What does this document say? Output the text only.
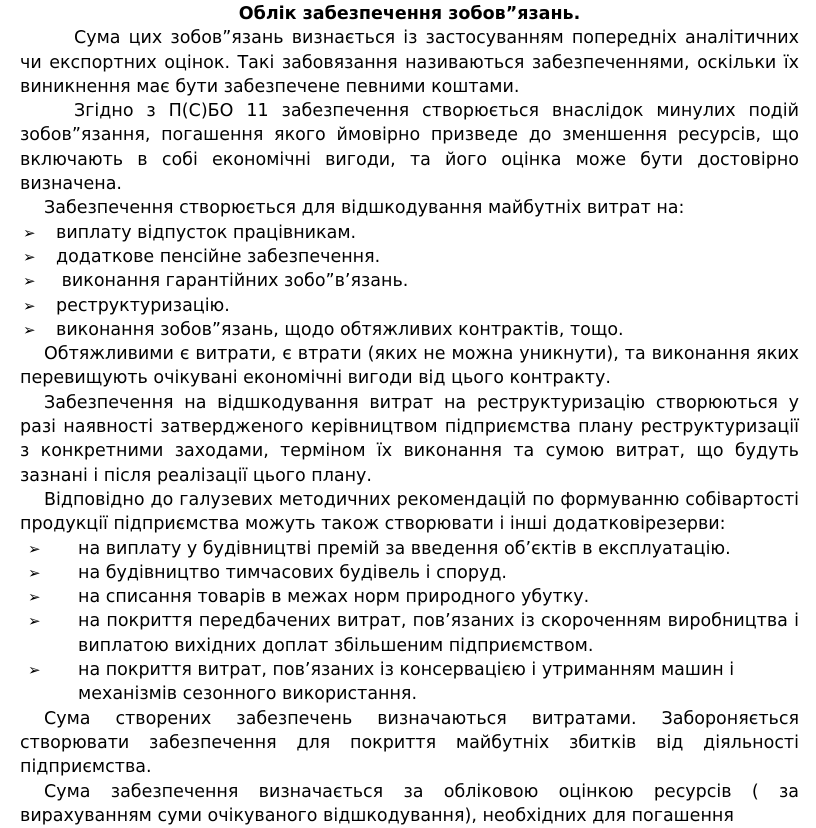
Облік забезпечення зобов”язань.

Сума цих зобов”язань визнається із застосуванням попередніх аналітичних чи експортних оцінок. Такі забовязання називаються забезпеченнями, оскільки їх виникнення має бути забезпечене певними коштами.

Згідно з П(С)БО 11 забезпечення створюється внаслідок минулих подій зобов”язання, погашення якого ймовірно призведе до зменшення ресурсів, що включають в собі економічні вигоди, та його оцінка може бути достовірно визначена.

Забезпечення створюється для відшкодування майбутніх витрат на:

➢ виплату відпусток працівникам.
➢ додаткове пенсійне забезпечення.
➢ виконання гарантійних зобо”в’язань.
➢ реструктуризацію.
➢ виконання зобов”язань, щодо обтяжливих контрактів, тощо.

Обтяжливими є витрати, є втрати (яких не можна уникнути), та виконання яких перевищують очікувані економічні вигоди від цього контракту.

Забезпечення на відшкодування витрат на реструктуризацію створюються у разі наявності затвердженого керівництвом підприємства плану реструктуризації з конкретними заходами, терміном їх виконання та сумою витрат, що будуть зазнані і після реалізації цього плану.

Відповідно до галузевих методичних рекомендацій по формуванню собівартості продукції підприємства можуть також створювати і інші додатковірезерви:

➢ на виплату у будівництві премій за введення об’єктів в експлуатацію.
➢ на будівництво тимчасових будівель і споруд.
➢ на списання товарів в межах норм природного убутку.
➢ на покриття передбачених витрат, пов’язаних із скороченням виробництва і виплатою вихідних доплат збільшеним підприємством.
➢ на покриття витрат, пов’язаних із консервацією і утриманням машин і механізмів сезонного використання.

Сума створених забезпечень визначаються витратами. Забороняється створювати забезпечення для покриття майбутніх збитків від діяльності підприємства.

Сума забезпечення визначається за обліковою оцінкою ресурсів ( за вирахуванням суми очікуваного відшкодування), необхідних для погашення
